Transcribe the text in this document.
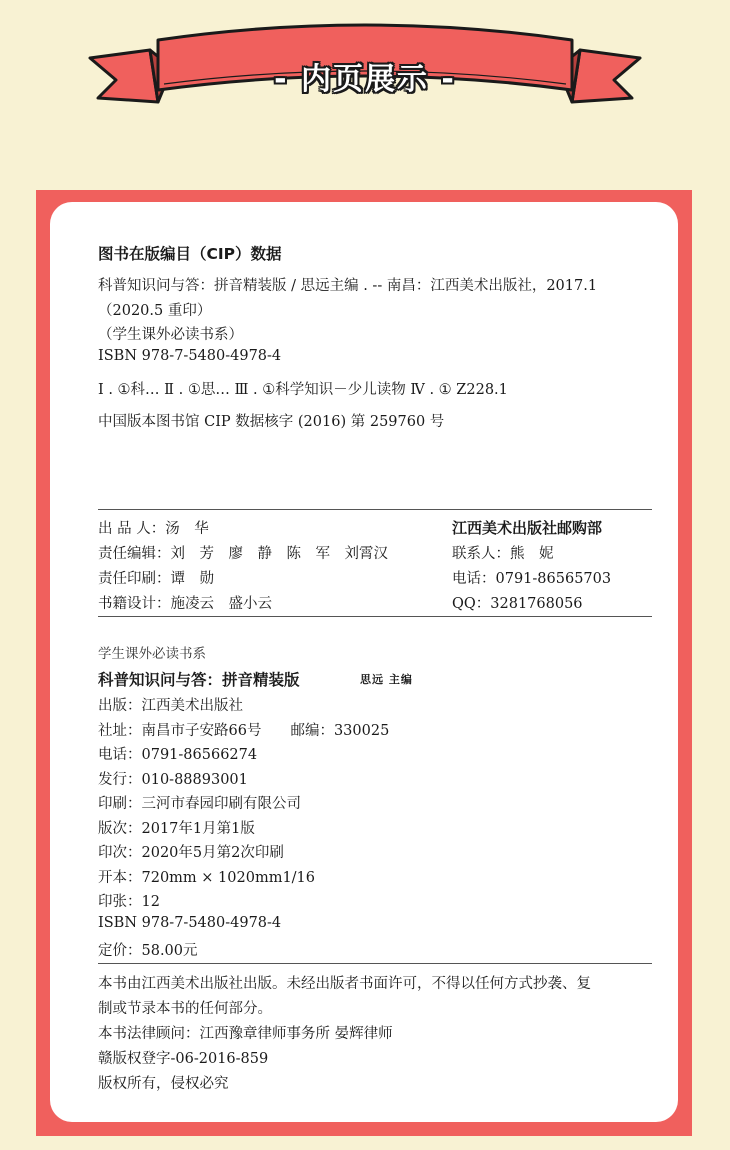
- 内页展示 -
图书在版编目（CIP）数据
科普知识问与答：拼音精装版 / 思远主编 . -- 南昌：江西美术出版社，2017.1
（2020.5 重印）
（学生课外必读书系）
ISBN 978-7-5480-4978-4
Ⅰ . ①科… Ⅱ . ①思… Ⅲ . ①科学知识－少儿读物 Ⅳ . ① Z228.1
中国版本图书馆 CIP 数据核字 (2016) 第 259760 号
出 品 人：汤　华
责任编辑：刘　芳　廖　静　陈　军　刘霄汉
责任印刷：谭　勋
书籍设计：施凌云　盛小云
江西美术出版社邮购部
联系人：熊　妮
电话：0791-86565703
QQ：3281768056
学生课外必读书系
科普知识问与答：拼音精装版	思远 主编
出版：江西美术出版社
社址：南昌市子安路66号　　邮编：330025
电话：0791-86566274
发行：010-88893001
印刷：三河市春园印刷有限公司
版次：2017年1月第1版
印次：2020年5月第2次印刷
开本：720mm × 1020mm1/16
印张：12
ISBN 978-7-5480-4978-4
定价：58.00元

本书由江西美术出版社出版。未经出版者书面许可，不得以任何方式抄袭、复

制或节录本书的任何部分。

本书法律顾问：江西豫章律师事务所 晏辉律师

赣版权登字-06-2016-859

版权所有，侵权必究
